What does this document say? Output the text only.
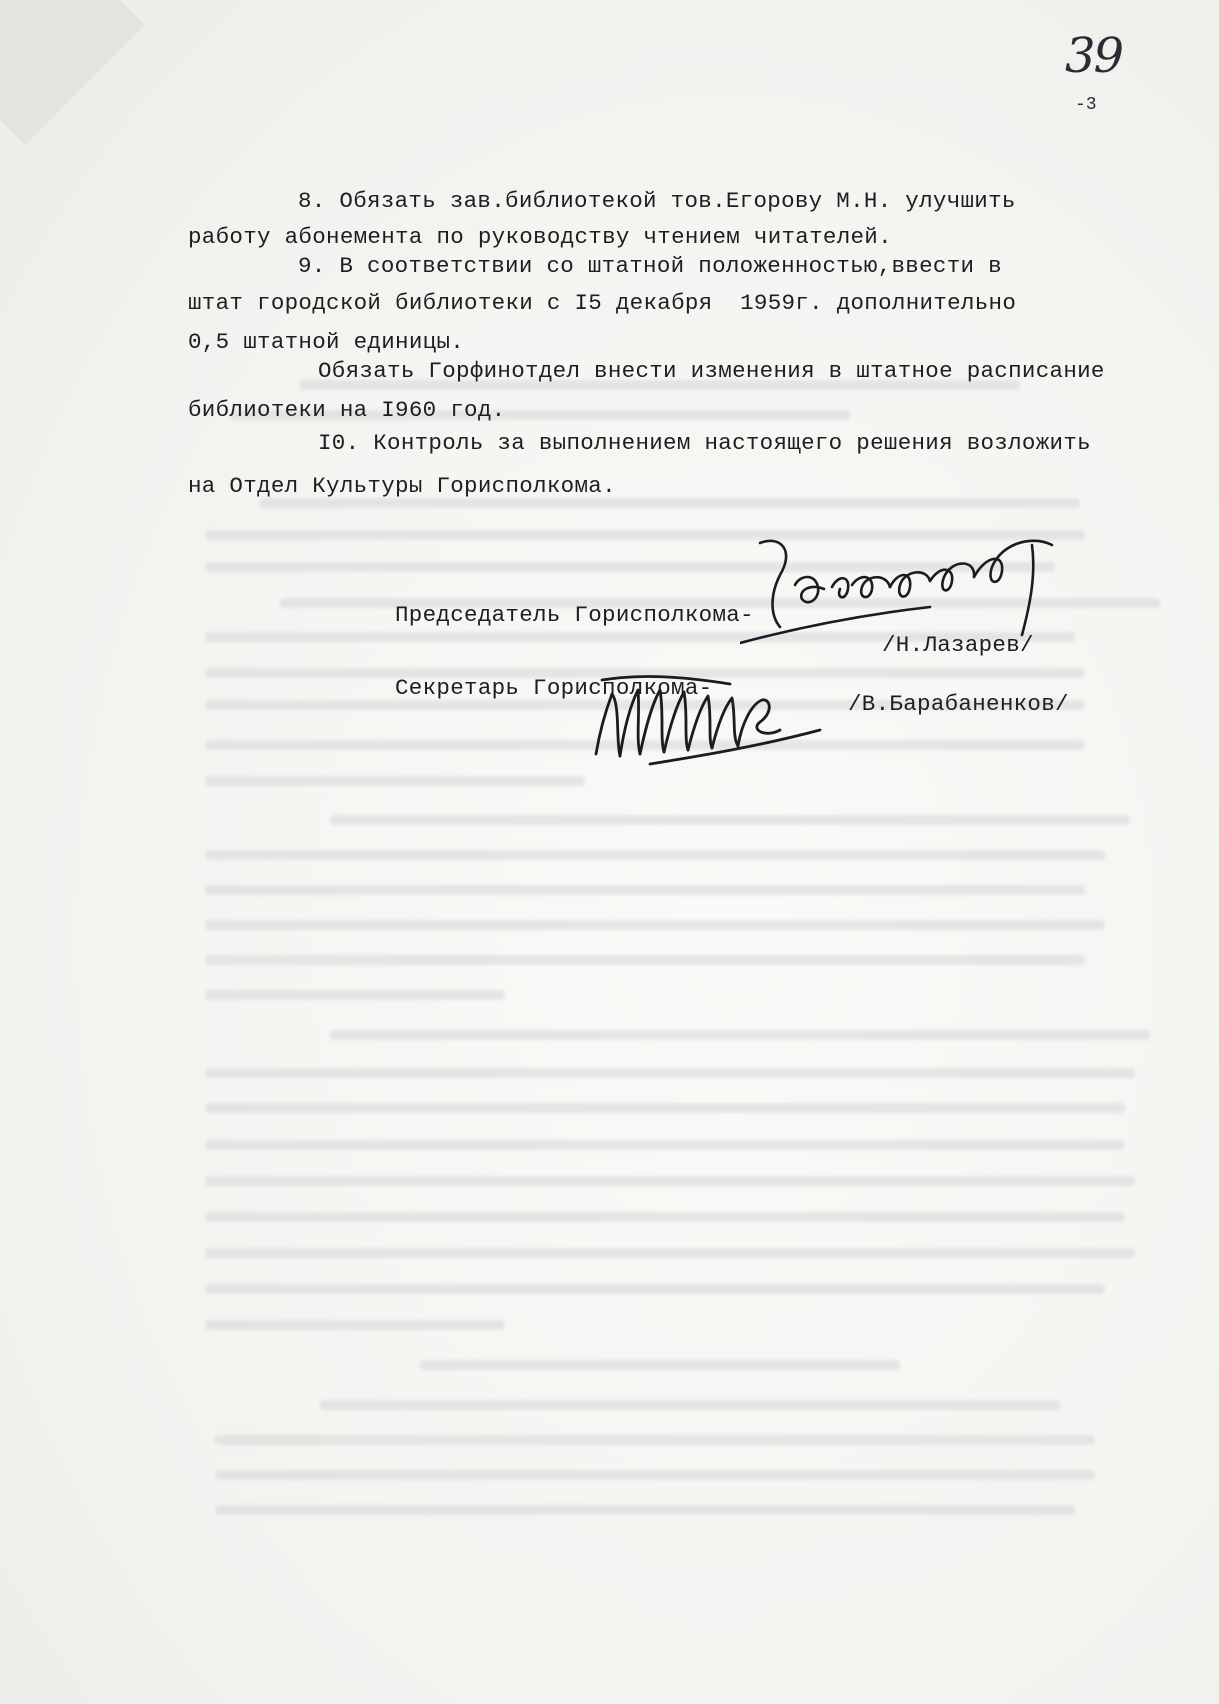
39
-3
8. Обязать зав.библиотекой тов.Егорову М.Н. улучшить
работу абонемента по руководству чтением читателей.
9. В соответствии со штатной положенностью,ввести в
штат городской библиотеки с I5 декабря  1959г. дополнительно
0,5 штатной единицы.
Обязать Горфинотдел внести изменения в штатное расписание
библиотеки на I960 год.
I0. Контроль за выполнением настоящего решения возложить
на Отдел Культуры Горисполкома.
Председатель Горисполкома-
/Н.Лазарев/
Секретарь Горисполкома-
/В.Барабаненков/
